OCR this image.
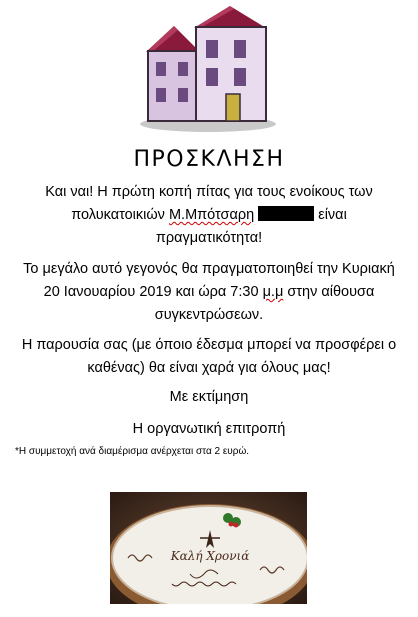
ΠΡΟΣΚΛΗΣΗ
Και ναι! Η πρώτη κοπή πίτας για τους ενοίκους των
πολυκατοικιών Μ.Μπότσαρη	είναι
πραγματικότητα!
Το μεγάλο αυτό γεγονός θα πραγματοποιηθεί την Κυριακή
20 Ιανουαρίου 2019 και ώρα 7:30 μ.μ στην αίθουσα
συγκεντρώσεων.
Η παρουσία σας (με όποιο έδεσμα μπορεί να προσφέρει ο
καθένας) θα είναι χαρά για όλους μας!
Με εκτίμηση
Η οργανωτική επιτροπή
*Η συμμετοχή ανά διαμέρισμα ανέρχεται στα 2 ευρώ.
Καλή Χρονιά
